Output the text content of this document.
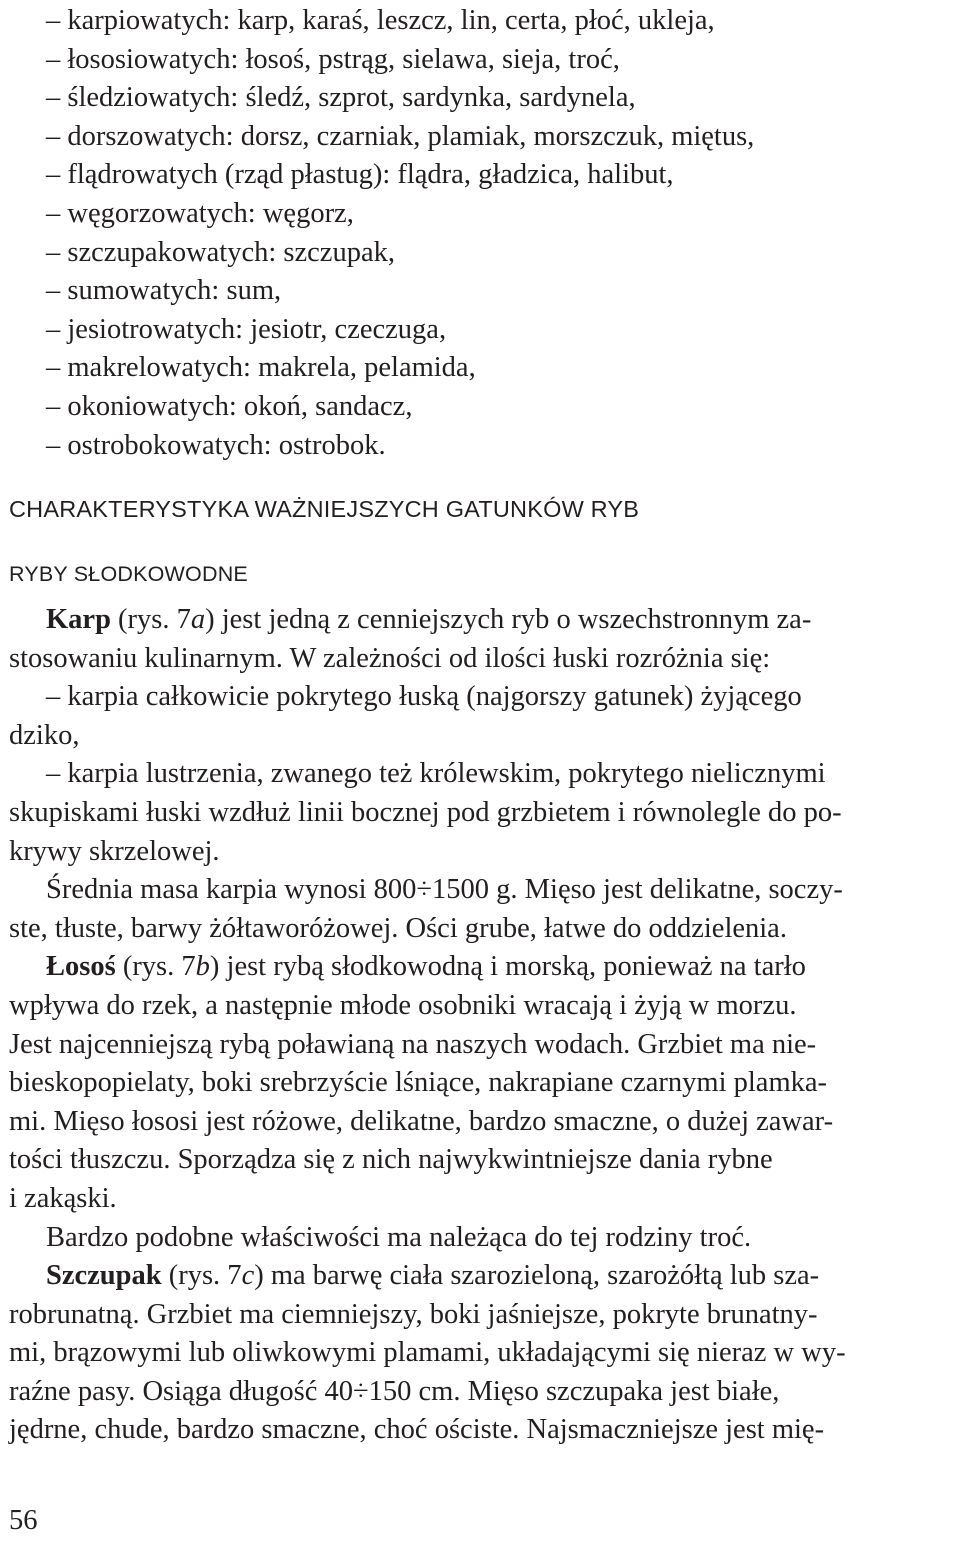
– karpiowatych: karp, karaś, leszcz, lin, certa, płoć, ukleja,
– łososiowatych: łosoś, pstrąg, sielawa, sieja, troć,
– śledziowatych: śledź, szprot, sardynka, sardynela,
– dorszowatych: dorsz, czarniak, plamiak, morszczuk, miętus,
– flądrowatych (rząd płastug): flądra, gładzica, halibut,
– węgorzowatych: węgorz,
– szczupakowatych: szczupak,
– sumowatych: sum,
– jesiotrowatych: jesiotr, czeczuga,
– makrelowatych: makrela, pelamida,
– okoniowatych: okoń, sandacz,
– ostrobokowatych: ostrobok.
CHARAKTERYSTYKA WAŻNIEJSZYCH GATUNKÓW RYB
RYBY SŁODKOWODNE
Karp (rys. 7a) jest jedną z cenniejszych ryb o wszechstronnym za-
stosowaniu kulinarnym. W zależności od ilości łuski rozróżnia się:
– karpia całkowicie pokrytego łuską (najgorszy gatunek) żyjącego
dziko,
– karpia lustrzenia, zwanego też królewskim, pokrytego nielicznymi
skupiskami łuski wzdłuż linii bocznej pod grzbietem i równolegle do po-
krywy skrzelowej.
Średnia masa karpia wynosi 800÷1500 g. Mięso jest delikatne, soczy-
ste, tłuste, barwy żółtaworóżowej. Ości grube, łatwe do oddzielenia.
Łosoś (rys. 7b) jest rybą słodkowodną i morską, ponieważ na tarło
wpływa do rzek, a następnie młode osobniki wracają i żyją w morzu.
Jest najcenniejszą rybą poławianą na naszych wodach. Grzbiet ma nie-
bieskopopielaty, boki srebrzyście lśniące, nakrapiane czarnymi plamka-
mi. Mięso łososi jest różowe, delikatne, bardzo smaczne, o dużej zawar-
tości tłuszczu. Sporządza się z nich najwykwintniejsze dania rybne
i zakąski.
Bardzo podobne właściwości ma należąca do tej rodziny troć.
Szczupak (rys. 7c) ma barwę ciała szarozieloną, szarożółtą lub sza-
robrunatną. Grzbiet ma ciemniejszy, boki jaśniejsze, pokryte brunatny-
mi, brązowymi lub oliwkowymi plamami, układającymi się nieraz w wy-
raźne pasy. Osiąga długość 40÷150 cm. Mięso szczupaka jest białe,
jędrne, chude, bardzo smaczne, choć ościste. Najsmaczniejsze jest mię-
56
